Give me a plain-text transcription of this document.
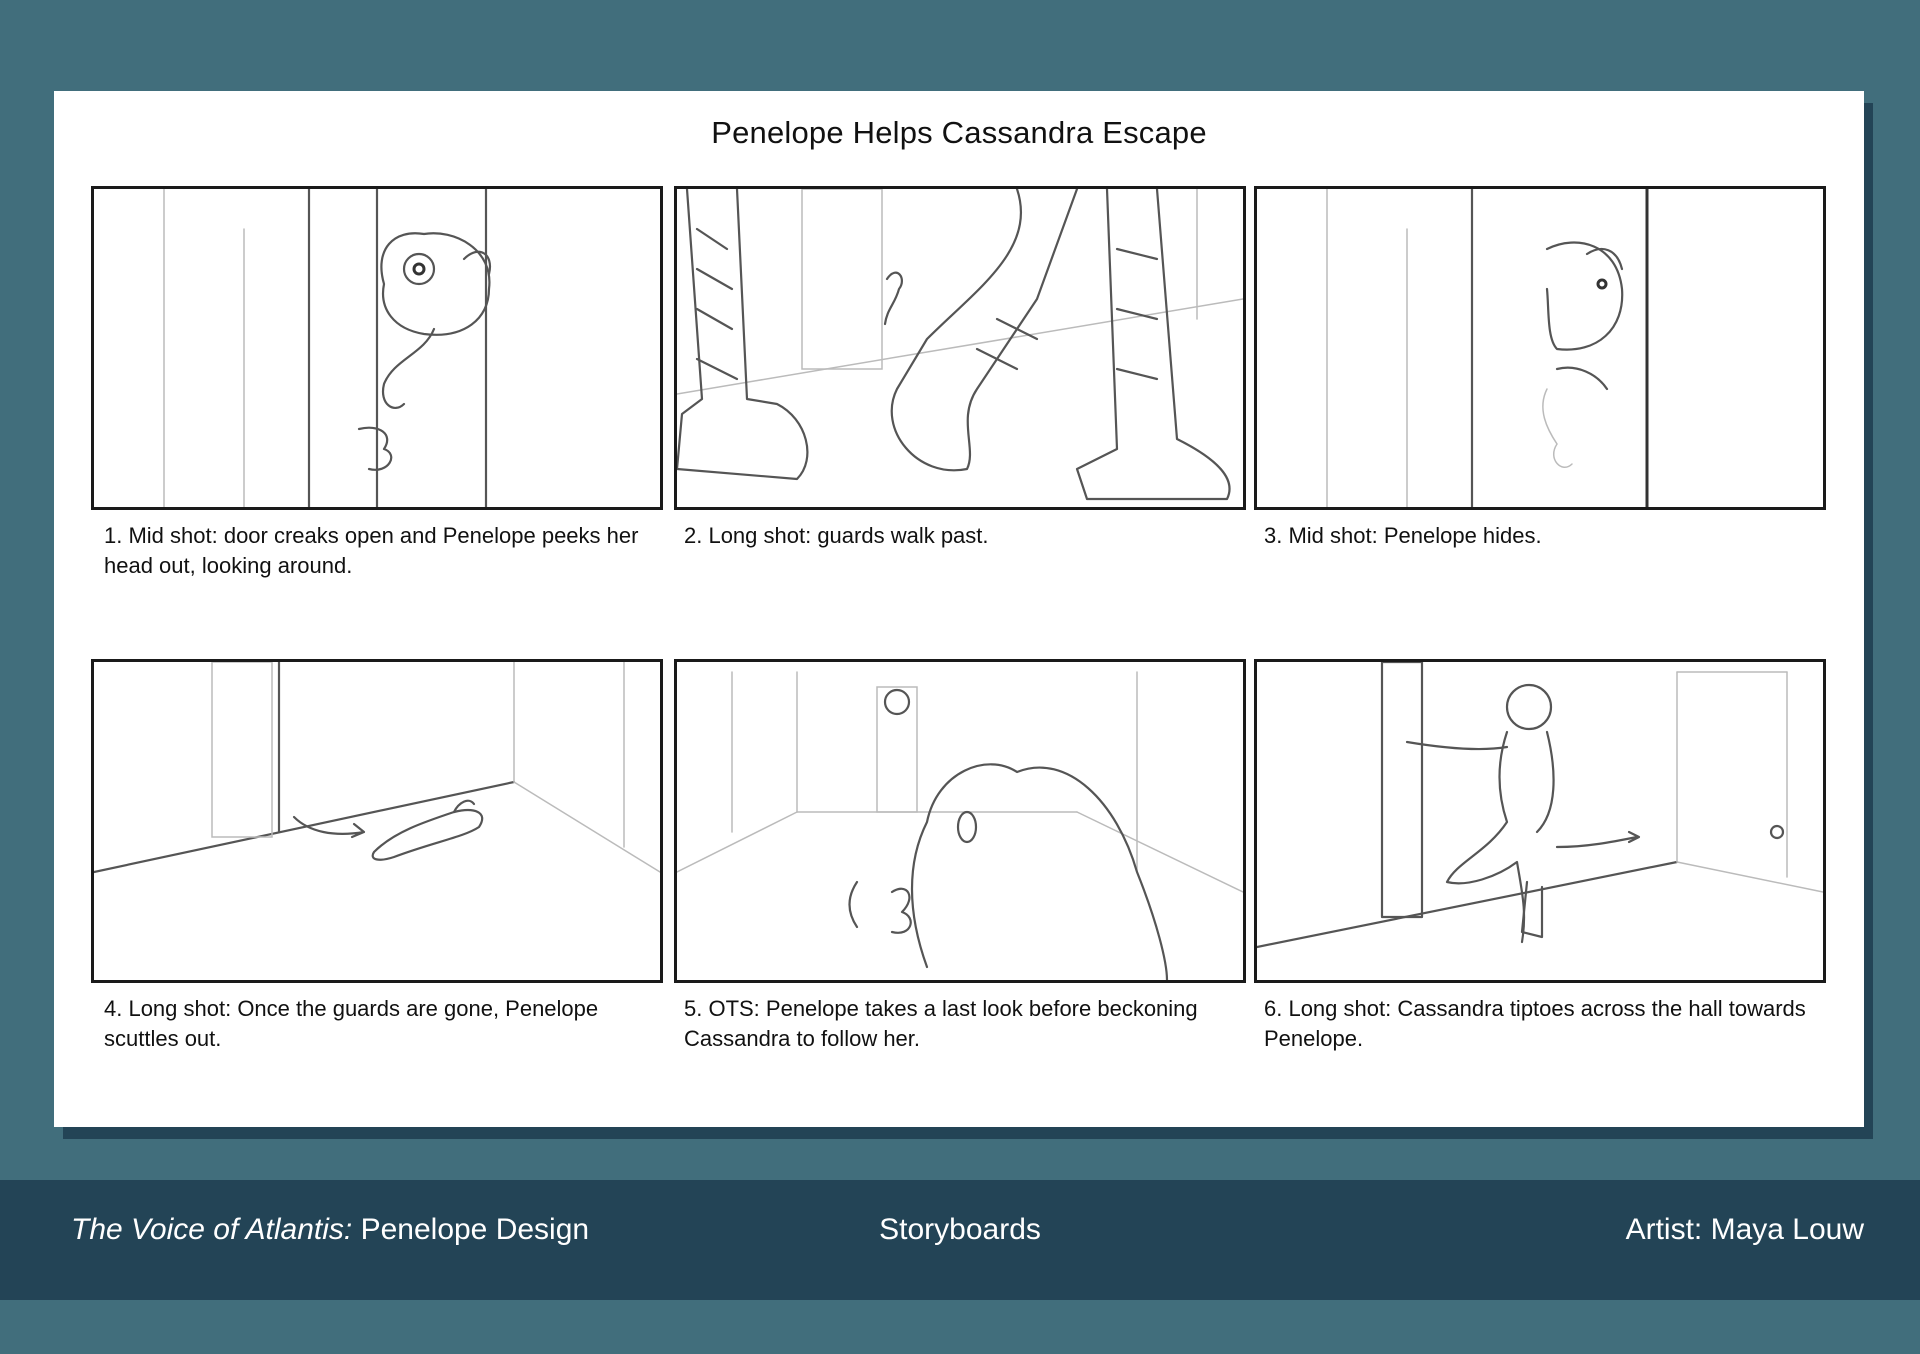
Penelope Helps Cassandra Escape
1. Mid shot: door creaks open and Penelope peeks her head out, looking around.
2. Long shot: guards walk past.	3. Mid shot: Penelope hides.
4. Long shot: Once the guards are gone, Penelope scuttles out.
5. OTS: Penelope takes a last look before beckoning Cassandra to follow her.
6. Long shot: Cassandra tiptoes across the hall towards Penelope.
The Voice of Atlantis: Penelope Design	Storyboards	Artist: Maya Louw
